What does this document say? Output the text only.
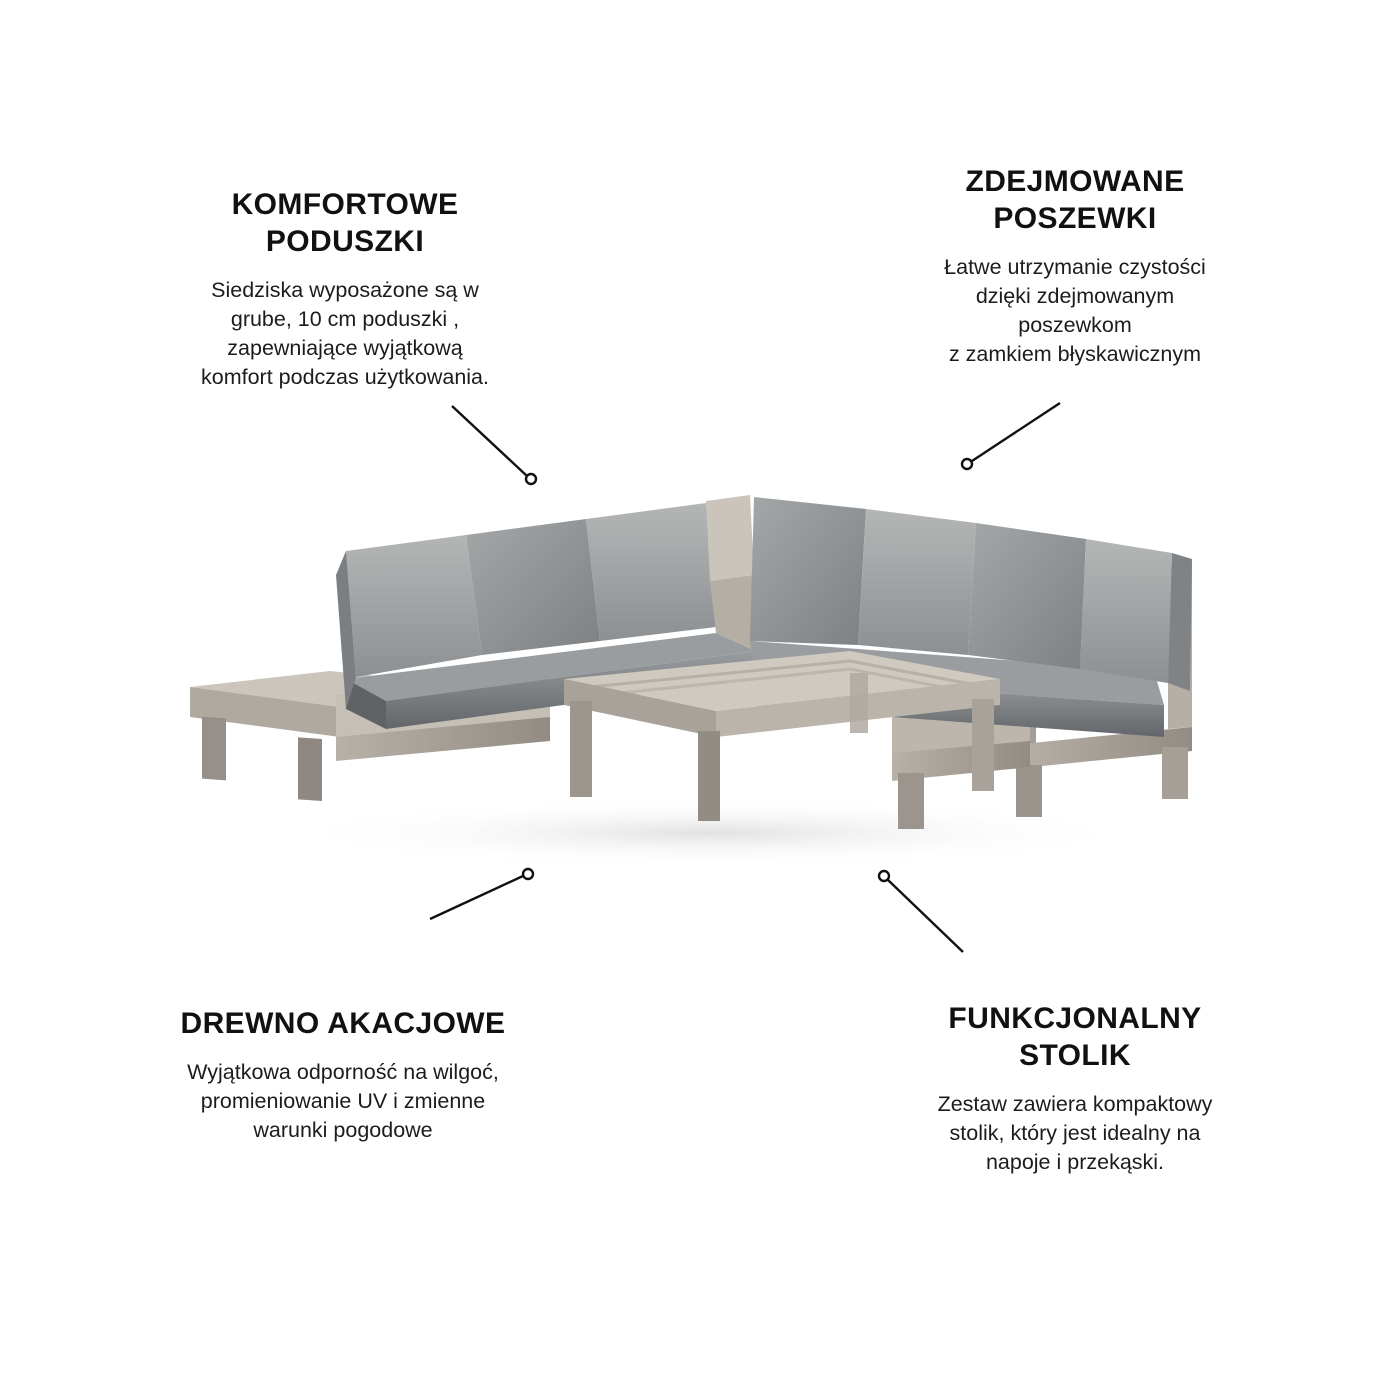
KOMFORTOWE
PODUSZKI

Siedziska wyposażone są w
grube, 10 cm poduszki ,
zapewniające wyjątkową
komfort podczas użytkowania.

ZDEJMOWANE
POSZEWKI

Łatwe utrzymanie czystości
dzięki zdejmowanym
poszewkom
z zamkiem błyskawicznym

DREWNO AKACJOWE

Wyjątkowa odporność na wilgoć,
promieniowanie UV i zmienne
warunki pogodowe

FUNKCJONALNY
STOLIK

Zestaw zawiera kompaktowy
stolik, który jest idealny na
napoje i przekąski.
